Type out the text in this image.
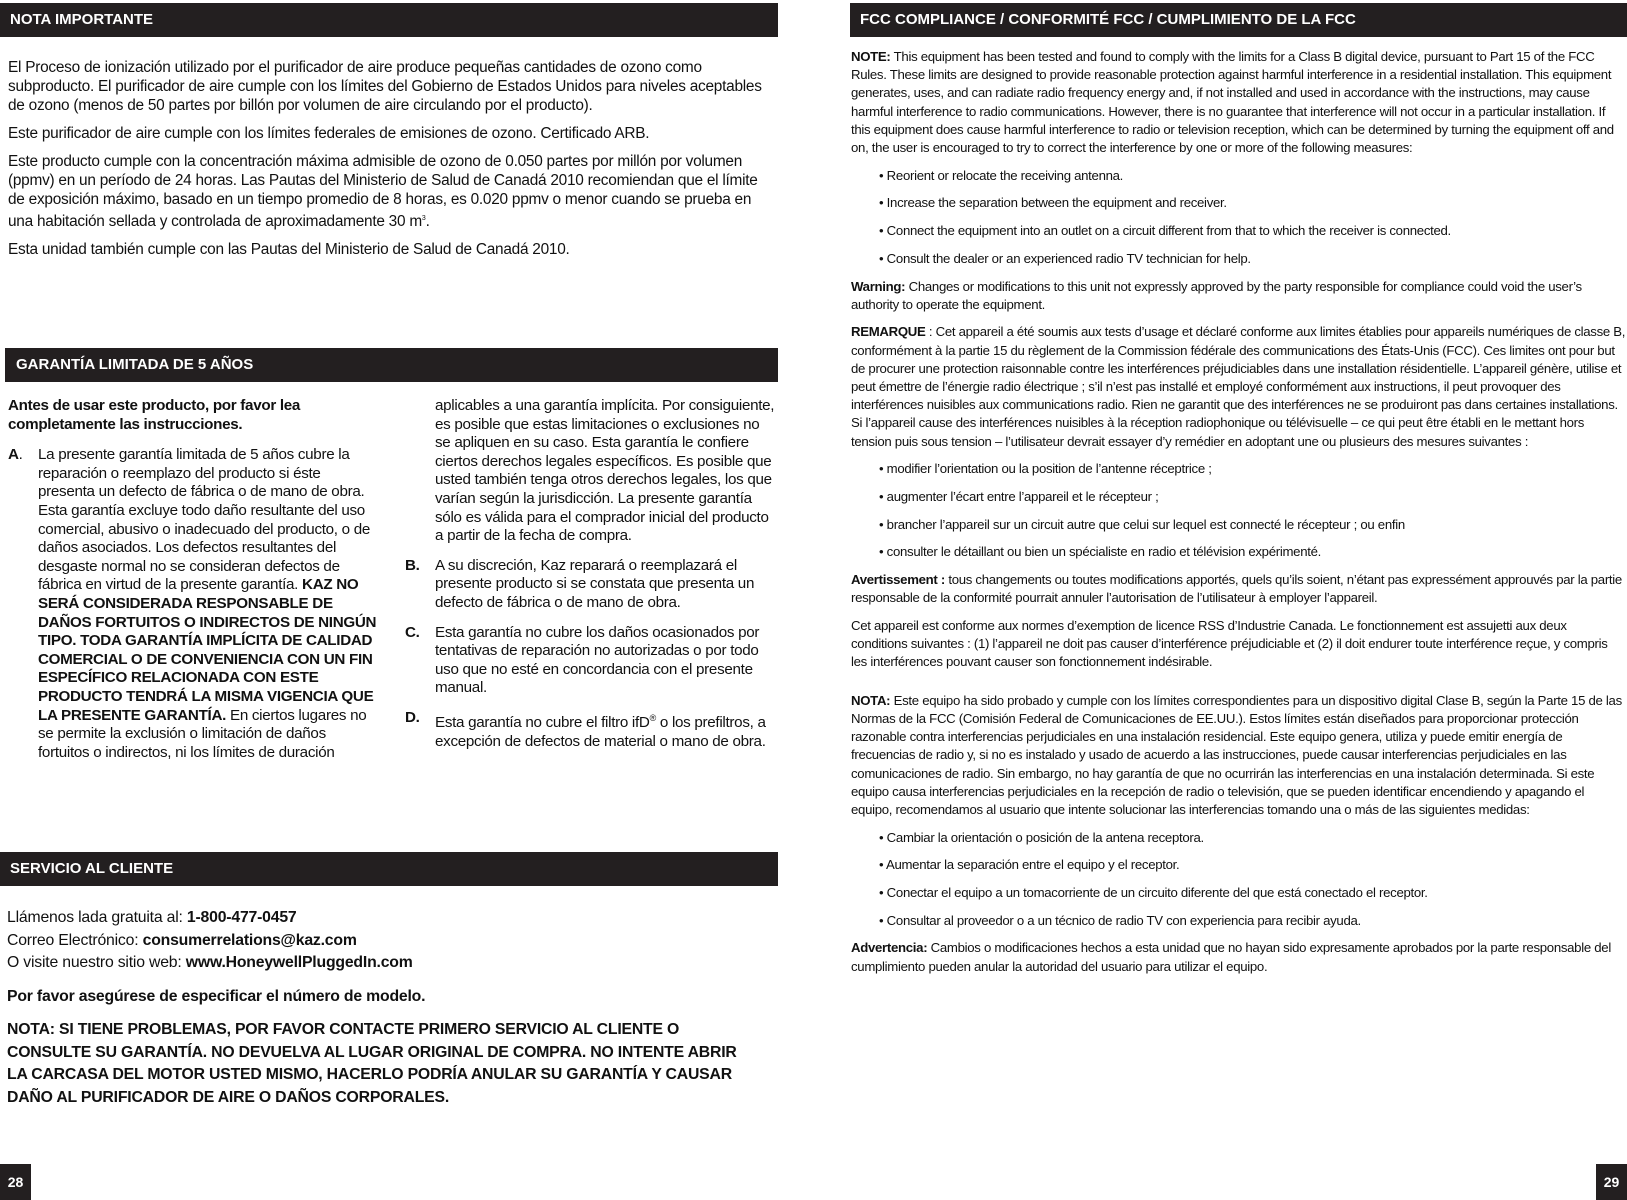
NOTA IMPORTANTE

El Proceso de ionización utilizado por el purificador de aire produce pequeñas cantidades de ozono como subproducto. El purificador de aire cumple con los límites del Gobierno de Estados Unidos para niveles aceptables de ozono (menos de 50 partes por billón por volumen de aire circulando por el producto).

Este purificador de aire cumple con los límites federales de emisiones de ozono. Certificado ARB.

Este producto cumple con la concentración máxima admisible de ozono de 0.050 partes por millón por volumen (ppmv) en un período de 24 horas. Las Pautas del Ministerio de Salud de Canadá 2010 recomiendan que el límite de exposición máximo, basado en un tiempo promedio de 8 horas, es 0.020 ppmv o menor cuando se prueba en una habitación sellada y controlada de aproximadamente 30 $m^3$.

Esta unidad también cumple con las Pautas del Ministerio de Salud de Canadá 2010.

GARANTÍA LIMITADA DE 5 AÑOS

Antes de usar este producto, por favor lea completamente las instrucciones.

A. La presente garantía limitada de 5 años cubre la reparación o reemplazo del producto si éste presenta un defecto de fábrica o de mano de obra. Esta garantía excluye todo daño resultante del uso comercial, abusivo o inadecuado del producto, o de daños asociados. Los defectos resultantes del desgaste normal no se consideran defectos de fábrica en virtud de la presente garantía. KAZ NO SERÁ CONSIDERADA RESPONSABLE DE DAÑOS FORTUITOS O INDIRECTOS DE NINGÚN TIPO. TODA GARANTÍA IMPLÍCITA DE CALIDAD COMERCIAL O DE CONVENIENCIA CON UN FIN ESPECÍFICO RELACIONADA CON ESTE PRODUCTO TENDRÁ LA MISMA VIGENCIA QUE LA PRESENTE GARANTÍA. En ciertos lugares no se permite la exclusión o limitación de daños fortuitos o indirectos, ni los límites de duración
aplicables a una garantía implícita. Por consiguiente, es posible que estas limitaciones o exclusiones no se apliquen en su caso. Esta garantía le confiere ciertos derechos legales específicos. Es posible que usted también tenga otros derechos legales, los que varían según la jurisdicción. La presente garantía sólo es válida para el comprador inicial del producto a partir de la fecha de compra.
B. A su discreción, Kaz reparará o reemplazará el presente producto si se constata que presenta un defecto de fábrica o de mano de obra.
C. Esta garantía no cubre los daños ocasionados por tentativas de reparación no autorizadas o por todo uso que no esté en concordancia con el presente manual.
D. Esta garantía no cubre el filtro ifD® o los prefiltros, a excepción de defectos de material o mano de obra.
SERVICIO AL CLIENTE

Llámenos lada gratuita al: 1-800-477-0457

Correo Electrónico: consumerrelations@kaz.com

O visite nuestro sitio web: www.HoneywellPluggedIn.com

Por favor asegúrese de especificar el número de modelo.

NOTA: SI TIENE PROBLEMAS, POR FAVOR CONTACTE PRIMERO SERVICIO AL CLIENTE O CONSULTE SU GARANTÍA. NO DEVUELVA AL LUGAR ORIGINAL DE COMPRA. NO INTENTE ABRIR LA CARCASA DEL MOTOR USTED MISMO, HACERLO PODRÍA ANULAR SU GARANTÍA Y CAUSAR DAÑO AL PURIFICADOR DE AIRE O DAÑOS CORPORALES.

28
FCC COMPLIANCE / CONFORMITÉ FCC / CUMPLIMIENTO DE LA FCC

NOTE: This equipment has been tested and found to comply with the limits for a Class B digital device, pursuant to Part 15 of the FCC Rules. These limits are designed to provide reasonable protection against harmful interference in a residential installation. This equipment generates, uses, and can radiate radio frequency energy and, if not installed and used in accordance with the instructions, may cause harmful interference to radio communications. However, there is no guarantee that interference will not occur in a particular installation. If this equipment does cause harmful interference to radio or television reception, which can be determined by turning the equipment off and on, the user is encouraged to try to correct the interference by one or more of the following measures:

• Reorient or relocate the receiving antenna.

• Increase the separation between the equipment and receiver.

• Connect the equipment into an outlet on a circuit different from that to which the receiver is connected.

• Consult the dealer or an experienced radio TV technician for help.

Warning: Changes or modifications to this unit not expressly approved by the party responsible for compliance could void the user’s authority to operate the equipment.

REMARQUE : Cet appareil a été soumis aux tests d’usage et déclaré conforme aux limites établies pour appareils numériques de classe B, conformément à la partie 15 du règlement de la Commission fédérale des communications des États-Unis (FCC). Ces limites ont pour but de procurer une protection raisonnable contre les interférences préjudiciables dans une installation résidentielle. L’appareil génère, utilise et peut émettre de l’énergie radio électrique ; s’il n’est pas installé et employé conformément aux instructions, il peut provoquer des interférences nuisibles aux communications radio. Rien ne garantit que des interférences ne se produiront pas dans certaines installations. Si l’appareil cause des interférences nuisibles à la réception radiophonique ou télévisuelle – ce qui peut être établi en le mettant hors tension puis sous tension – l’utilisateur devrait essayer d’y remédier en adoptant une ou plusieurs des mesures suivantes :

• modifier l’orientation ou la position de l’antenne réceptrice ;

• augmenter l’écart entre l’appareil et le récepteur ;

• brancher l’appareil sur un circuit autre que celui sur lequel est connecté le récepteur ; ou enfin

• consulter le détaillant ou bien un spécialiste en radio et télévision expérimenté.

Avertissement : tous changements ou toutes modifications apportés, quels qu’ils soient, n’étant pas expressément approuvés par la partie responsable de la conformité pourrait annuler l’autorisation de l’utilisateur à employer l’appareil.

Cet appareil est conforme aux normes d’exemption de licence RSS d’Industrie Canada. Le fonctionnement est assujetti aux deux conditions suivantes : (1) l’appareil ne doit pas causer d’interférence préjudiciable et (2) il doit endurer toute interférence reçue, y compris les interférences pouvant causer son fonctionnement indésirable.

NOTA: Este equipo ha sido probado y cumple con los límites correspondientes para un dispositivo digital Clase B, según la Parte 15 de las Normas de la FCC (Comisión Federal de Comunicaciones de EE.UU.). Estos límites están diseñados para proporcionar protección razonable contra interferencias perjudiciales en una instalación residencial. Este equipo genera, utiliza y puede emitir energía de frecuencias de radio y, si no es instalado y usado de acuerdo a las instrucciones, puede causar interferencias perjudiciales en las comunicaciones de radio. Sin embargo, no hay garantía de que no ocurrirán las interferencias en una instalación determinada. Si este equipo causa interferencias perjudiciales en la recepción de radio o televisión, que se pueden identificar encendiendo y apagando el equipo, recomendamos al usuario que intente solucionar las interferencias tomando una o más de las siguientes medidas:

• Cambiar la orientación o posición de la antena receptora.

• Aumentar la separación entre el equipo y el receptor.

• Conectar el equipo a un tomacorriente de un circuito diferente del que está conectado el receptor.

• Consultar al proveedor o a un técnico de radio TV con experiencia para recibir ayuda.

Advertencia: Cambios o modificaciones hechos a esta unidad que no hayan sido expresamente aprobados por la parte responsable del cumplimiento pueden anular la autoridad del usuario para utilizar el equipo.

29
